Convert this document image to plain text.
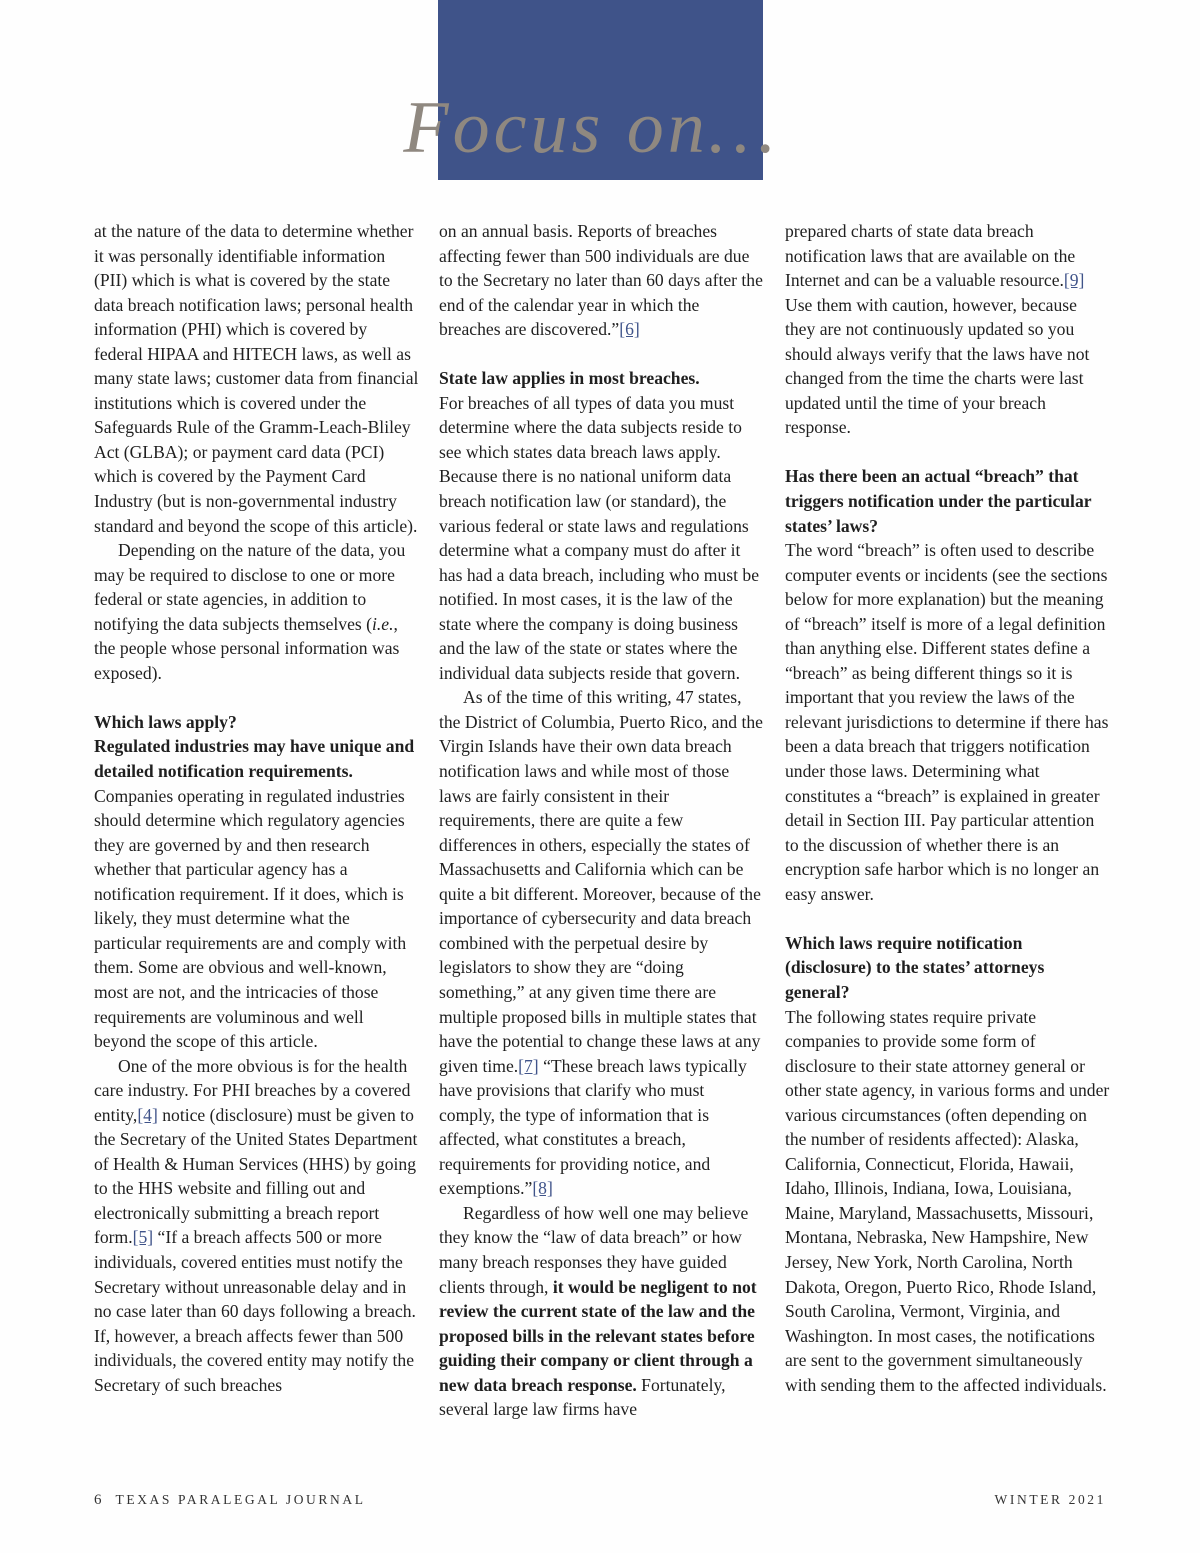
Focus on…

at the nature of the data to determine whether it was personally identifiable information (PII) which is what is covered by the state data breach notification laws; personal health information (PHI) which is covered by federal HIPAA and HITECH laws, as well as many state laws; customer data from financial institutions which is covered under the Safeguards Rule of the Gramm-Leach-Bliley Act (GLBA); or payment card data (PCI) which is covered by the Payment Card Industry (but is non-governmental industry standard and beyond the scope of this article).

Depending on the nature of the data, you may be required to disclose to one or more federal or state agencies, in addition to notifying the data subjects themselves (i.e., the people whose personal information was exposed).

Which laws apply?

Regulated industries may have unique and detailed notification requirements.

Companies operating in regulated industries should determine which regulatory agencies they are governed by and then research whether that particular agency has a notification requirement. If it does, which is likely, they must determine what the particular requirements are and comply with them. Some are obvious and well-known, most are not, and the intricacies of those requirements are voluminous and well beyond the scope of this article.

One of the more obvious is for the health care industry. For PHI breaches by a covered entity,[4] notice (disclosure) must be given to the Secretary of the United States Department of Health & Human Services (HHS) by going to the HHS website and filling out and electronically submitting a breach report form.[5] “If a breach affects 500 or more individuals, covered entities must notify the Secretary without unreasonable delay and in no case later than 60 days following a breach. If, however, a breach affects fewer than 500 individuals, the covered entity may notify the Secretary of such breaches

on an annual basis. Reports of breaches affecting fewer than 500 individuals are due to the Secretary no later than 60 days after the end of the calendar year in which the breaches are discovered.”[6]

State law applies in most breaches.

For breaches of all types of data you must determine where the data subjects reside to see which states data breach laws apply. Because there is no national uniform data breach notification law (or standard), the various federal or state laws and regulations determine what a company must do after it has had a data breach, including who must be notified. In most cases, it is the law of the state where the company is doing business and the law of the state or states where the individual data subjects reside that govern.

As of the time of this writing, 47 states, the District of Columbia, Puerto Rico, and the Virgin Islands have their own data breach notification laws and while most of those laws are fairly consistent in their requirements, there are quite a few differences in others, especially the states of Massachusetts and California which can be quite a bit different. Moreover, because of the importance of cybersecurity and data breach combined with the perpetual desire by legislators to show they are “doing something,” at any given time there are multiple proposed bills in multiple states that have the potential to change these laws at any given time.[7] “These breach laws typically have provisions that clarify who must comply, the type of information that is affected, what constitutes a breach, requirements for providing notice, and exemptions.”[8]

Regardless of how well one may believe they know the “law of data breach” or how many breach responses they have guided clients through, it would be negligent to not review the current state of the law and the proposed bills in the relevant states before guiding their company or client through a new data breach response. Fortunately, several large law firms have

prepared charts of state data breach notification laws that are available on the Internet and can be a valuable resource.[9] Use them with caution, however, because they are not continuously updated so you should always verify that the laws have not changed from the time the charts were last updated until the time of your breach response.

Has there been an actual “breach” that triggers notification under the particular states’ laws?

The word “breach” is often used to describe computer events or incidents (see the sections below for more explanation) but the meaning of “breach” itself is more of a legal definition than anything else. Different states define a “breach” as being different things so it is important that you review the laws of the relevant jurisdictions to determine if there has been a data breach that triggers notification under those laws. Determining what constitutes a “breach” is explained in greater detail in Section III. Pay particular attention to the discussion of whether there is an encryption safe harbor which is no longer an easy answer.

Which laws require notification (disclosure) to the states’ attorneys general?

The following states require private companies to provide some form of disclosure to their state attorney general or other state agency, in various forms and under various circumstances (often depending on the number of residents affected): Alaska, California, Connecticut, Florida, Hawaii, Idaho, Illinois, Indiana, Iowa, Louisiana, Maine, Maryland, Massachusetts, Missouri, Montana, Nebraska, New Hampshire, New Jersey, New York, North Carolina, North Dakota, Oregon, Puerto Rico, Rhode Island, South Carolina, Vermont, Virginia, and Washington. In most cases, the notifications are sent to the government simultaneously with sending them to the affected individuals.

6 TEXAS PARALEGAL JOURNAL	WINTER 2021
